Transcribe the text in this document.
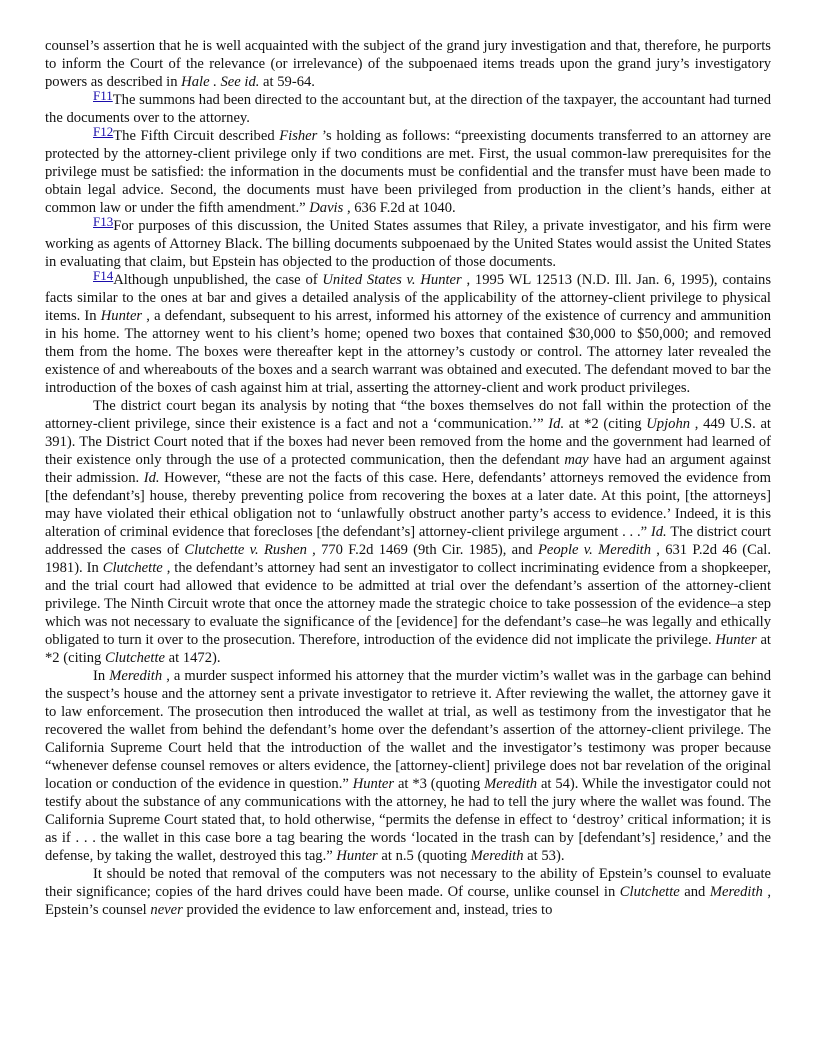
counsel’s assertion that he is well acquainted with the subject of the grand jury investigation and that, therefore, he purports to inform the Court of the relevance (or irrelevance) of the subpoenaed items treads upon the grand jury’s investigatory powers as described in Hale . See id. at 59-64.

F11The summons had been directed to the accountant but, at the direction of the taxpayer, the accountant had turned the documents over to the attorney.

F12The Fifth Circuit described Fisher ’s holding as follows: “preexisting documents transferred to an attorney are protected by the attorney-client privilege only if two conditions are met. First, the usual common-law prerequisites for the privilege must be satisfied: the information in the documents must be confidential and the transfer must have been made to obtain legal advice. Second, the documents must have been privileged from production in the client’s hands, either at common law or under the fifth amendment.” Davis , 636 F.2d at 1040.

F13For purposes of this discussion, the United States assumes that Riley, a private investigator, and his firm were working as agents of Attorney Black. The billing documents subpoenaed by the United States would assist the United States in evaluating that claim, but Epstein has objected to the production of those documents.

F14Although unpublished, the case of United States v. Hunter , 1995 WL 12513 (N.D. Ill. Jan. 6, 1995), contains facts similar to the ones at bar and gives a detailed analysis of the applicability of the attorney-client privilege to physical items. In Hunter , a defendant, subsequent to his arrest, informed his attorney of the existence of currency and ammunition in his home. The attorney went to his client’s home; opened two boxes that contained $30,000 to $50,000; and removed them from the home. The boxes were thereafter kept in the attorney’s custody or control. The attorney later revealed the existence of and whereabouts of the boxes and a search warrant was obtained and executed. The defendant moved to bar the introduction of the boxes of cash against him at trial, asserting the attorney-client and work product privileges.

The district court began its analysis by noting that “the boxes themselves do not fall within the protection of the attorney-client privilege, since their existence is a fact and not a ‘communication.’” Id. at *2 (citing Upjohn , 449 U.S. at 391). The District Court noted that if the boxes had never been removed from the home and the government had learned of their existence only through the use of a protected communication, then the defendant may have had an argument against their admission. Id. However, “these are not the facts of this case. Here, defendants’ attorneys removed the evidence from [the defendant’s] house, thereby preventing police from recovering the boxes at a later date. At this point, [the attorneys] may have violated their ethical obligation not to ‘unlawfully obstruct another party’s access to evidence.’ Indeed, it is this alteration of criminal evidence that forecloses [the defendant’s] attorney-client privilege argument . . .” Id. The district court addressed the cases of Clutchette v. Rushen , 770 F.2d 1469 (9th Cir. 1985), and People v. Meredith , 631 P.2d 46 (Cal. 1981). In Clutchette , the defendant’s attorney had sent an investigator to collect incriminating evidence from a shopkeeper, and the trial court had allowed that evidence to be admitted at trial over the defendant’s assertion of the attorney-client privilege. The Ninth Circuit wrote that once the attorney made the strategic choice to take possession of the evidence–a step which was not necessary to evaluate the significance of the [evidence] for the defendant’s case–he was legally and ethically obligated to turn it over to the prosecution. Therefore, introduction of the evidence did not implicate the privilege. Hunter at *2 (citing Clutchette at 1472).

In Meredith , a murder suspect informed his attorney that the murder victim’s wallet was in the garbage can behind the suspect’s house and the attorney sent a private investigator to retrieve it. After reviewing the wallet, the attorney gave it to law enforcement. The prosecution then introduced the wallet at trial, as well as testimony from the investigator that he recovered the wallet from behind the defendant’s home over the defendant’s assertion of the attorney-client privilege. The California Supreme Court held that the introduction of the wallet and the investigator’s testimony was proper because “whenever defense counsel removes or alters evidence, the [attorney-client] privilege does not bar revelation of the original location or conduction of the evidence in question.” Hunter at *3 (quoting Meredith at 54). While the investigator could not testify about the substance of any communications with the attorney, he had to tell the jury where the wallet was found. The California Supreme Court stated that, to hold otherwise, “permits the defense in effect to ‘destroy’ critical information; it is as if . . . the wallet in this case bore a tag bearing the words ‘located in the trash can by [defendant’s] residence,’ and the defense, by taking the wallet, destroyed this tag.” Hunter at n.5 (quoting Meredith at 53).

It should be noted that removal of the computers was not necessary to the ability of Epstein’s counsel to evaluate their significance; copies of the hard drives could have been made. Of course, unlike counsel in Clutchette and Meredith , Epstein’s counsel never provided the evidence to law enforcement and, instead, tries to
